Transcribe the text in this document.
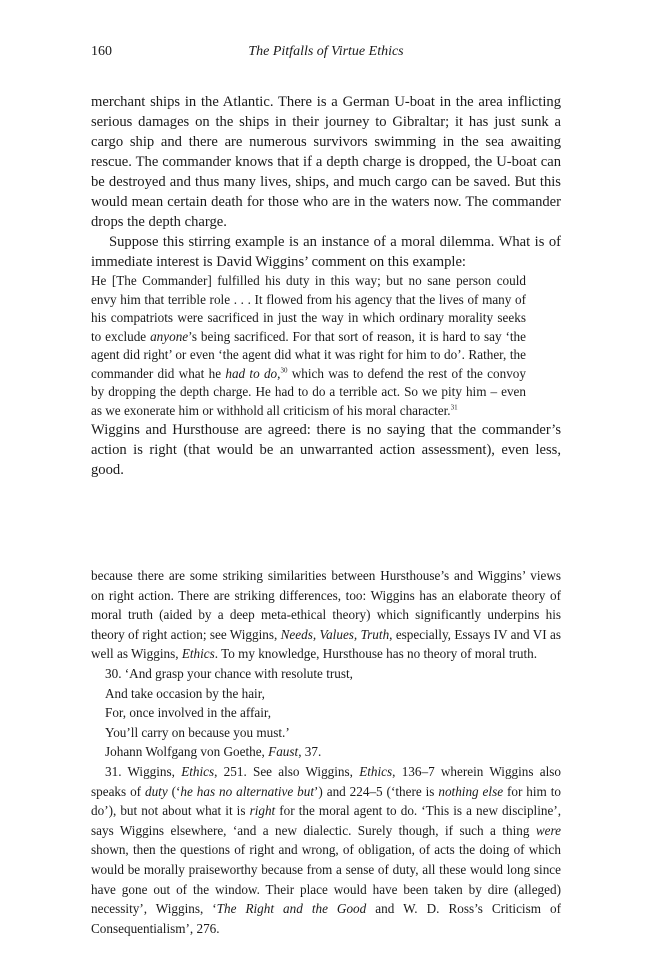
160	The Pitfalls of Virtue Ethics

merchant ships in the Atlantic. There is a German U-boat in the area inflicting serious damages on the ships in their journey to Gibraltar; it has just sunk a cargo ship and there are numerous survivors swimming in the sea awaiting rescue. The commander knows that if a depth charge is dropped, the U-boat can be destroyed and thus many lives, ships, and much cargo can be saved. But this would mean certain death for those who are in the waters now. The commander drops the depth charge.

Suppose this stirring example is an instance of a moral dilemma. What is of immediate interest is David Wiggins’ comment on this example:

He [The Commander] fulfilled his duty in this way; but no sane person could envy him that terrible role . . . It flowed from his agency that the lives of many of his compatriots were sacrificed in just the way in which ordinary morality seeks to exclude anyone’s being sacrificed. For that sort of reason, it is hard to say ‘the agent did right’ or even ‘the agent did what it was right for him to do’. Rather, the commander did what he had to do,$^{30}$ which was to defend the rest of the convoy by dropping the depth charge. He had to do a terrible act. So we pity him – even as we exonerate him or withhold all criticism of his moral character.$^{31}$

Wiggins and Hursthouse are agreed: there is no saying that the commander’s action is right (that would be an unwarranted action assessment), even less, good.

because there are some striking similarities between Hursthouse’s and Wiggins’ views on right action. There are striking differences, too: Wiggins has an elaborate theory of moral truth (aided by a deep meta-ethical theory) which significantly underpins his theory of right action; see Wiggins, Needs, Values, Truth, especially, Essays IV and VI as well as Wiggins, Ethics. To my knowledge, Hursthouse has no theory of moral truth.

30. ‘And grasp your chance with resolute trust,

And take occasion by the hair,

For, once involved in the affair,

You’ll carry on because you must.’

Johann Wolfgang von Goethe, Faust, 37.

31. Wiggins, Ethics, 251. See also Wiggins, Ethics, 136–7 wherein Wiggins also speaks of duty (‘he has no alternative but’) and 224–5 (‘there is nothing else for him to do’), but not about what it is right for the moral agent to do. ‘This is a new discipline’, says Wiggins elsewhere, ‘and a new dialectic. Surely though, if such a thing were shown, then the questions of right and wrong, of obligation, of acts the doing of which would be morally praiseworthy because from a sense of duty, all these would long since have gone out of the window. Their place would have been taken by dire (alleged) necessity’, Wiggins, ‘The Right and the Good and W. D. Ross’s Criticism of Consequentialism’, 276.
